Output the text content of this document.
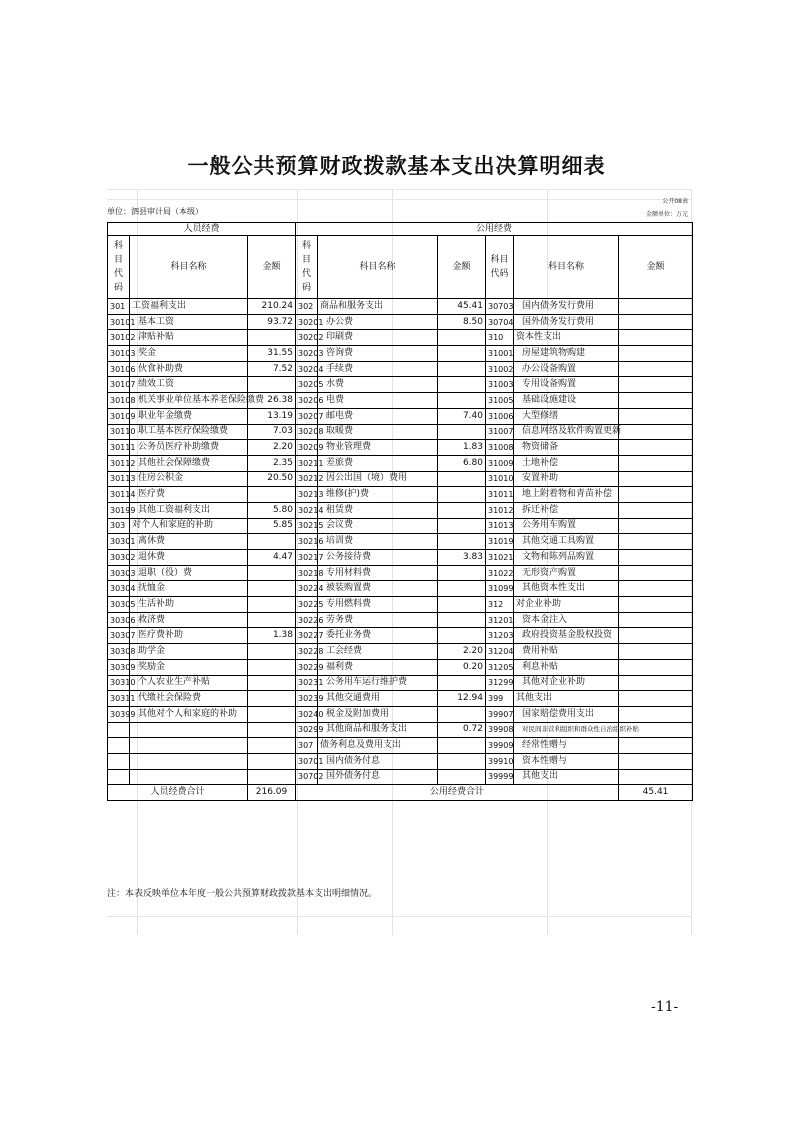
一般公共预算财政拨款基本支出决算明细表
公开08表
金额单位：万元
单位：泗县审计局（本级）
人员经费			公用经费					
科目代码	科目名称	金额	科目代码	科目名称	金额	科目代码	科目名称	金额
301	工资福利支出	210.24	302	商品和服务支出	45.41	30703	国内债务发行费用	
30101	基本工资	93.72	30201	办公费	8.50	30704	国外债务发行费用	
30102	津贴补贴		30202	印刷费		310	资本性支出	
30103	奖金	31.55	30203	咨询费		31001	房屋建筑物购建	
30106	伙食补助费	7.52	30204	手续费		31002	办公设备购置	
30107	绩效工资		30205	水费		31003	专用设备购置	
30108	机关事业单位基本养老保险缴费	26.38	30206	电费		31005	基础设施建设	
30109	职业年金缴费	13.19	30207	邮电费	7.40	31006	大型修缮	
30110	职工基本医疗保险缴费	7.03	30208	取暖费		31007	信息网络及软件购置更新	
30111	公务员医疗补助缴费	2.20	30209	物业管理费	1.83	31008	物资储备	
30112	其他社会保障缴费	2.35	30211	差旅费	6.80	31009	土地补偿	
30113	住房公积金	20.50	30212	因公出国（境）费用		31010	安置补助	
30114	医疗费		30213	维修(护)费		31011	地上附着物和青苗补偿	
30199	其他工资福利支出	5.80	30214	租赁费		31012	拆迁补偿	
303	对个人和家庭的补助	5.85	30215	会议费		31013	公务用车购置	
30301	离休费		30216	培训费		31019	其他交通工具购置	
30302	退休费	4.47	30217	公务接待费	3.83	31021	文物和陈列品购置	
30303	退职（役）费		30218	专用材料费		31022	无形资产购置	
30304	抚恤金		30224	被装购置费		31099	其他资本性支出	
30305	生活补助		30225	专用燃料费		312	对企业补助	
30306	救济费		30226	劳务费		31201	资本金注入	
30307	医疗费补助	1.38	30227	委托业务费		31203	政府投资基金股权投资	
30308	助学金		30228	工会经费	2.20	31204	费用补贴	
30309	奖励金		30229	福利费	0.20	31205	利息补贴	
30310	个人农业生产补贴		30231	公务用车运行维护费		31299	其他对企业补助	
30311	代缴社会保险费		30239	其他交通费用	12.94	399	其他支出	
30399	其他对个人和家庭的补助		30240	税金及附加费用		39907	国家赔偿费用支出	
			30299	其他商品和服务支出	0.72	39908	对民间非营利组织和群众性自治组织补贴	
			307	债务利息及费用支出		39909	经常性赠与	
			30701	国内债务付息		39910	资本性赠与	
			30702	国外债务付息		39999	其他支出	
人员经费合计		216.09	公用经费合计					45.41
注：本表反映单位本年度一般公共预算财政拨款基本支出明细情况。
-11-
